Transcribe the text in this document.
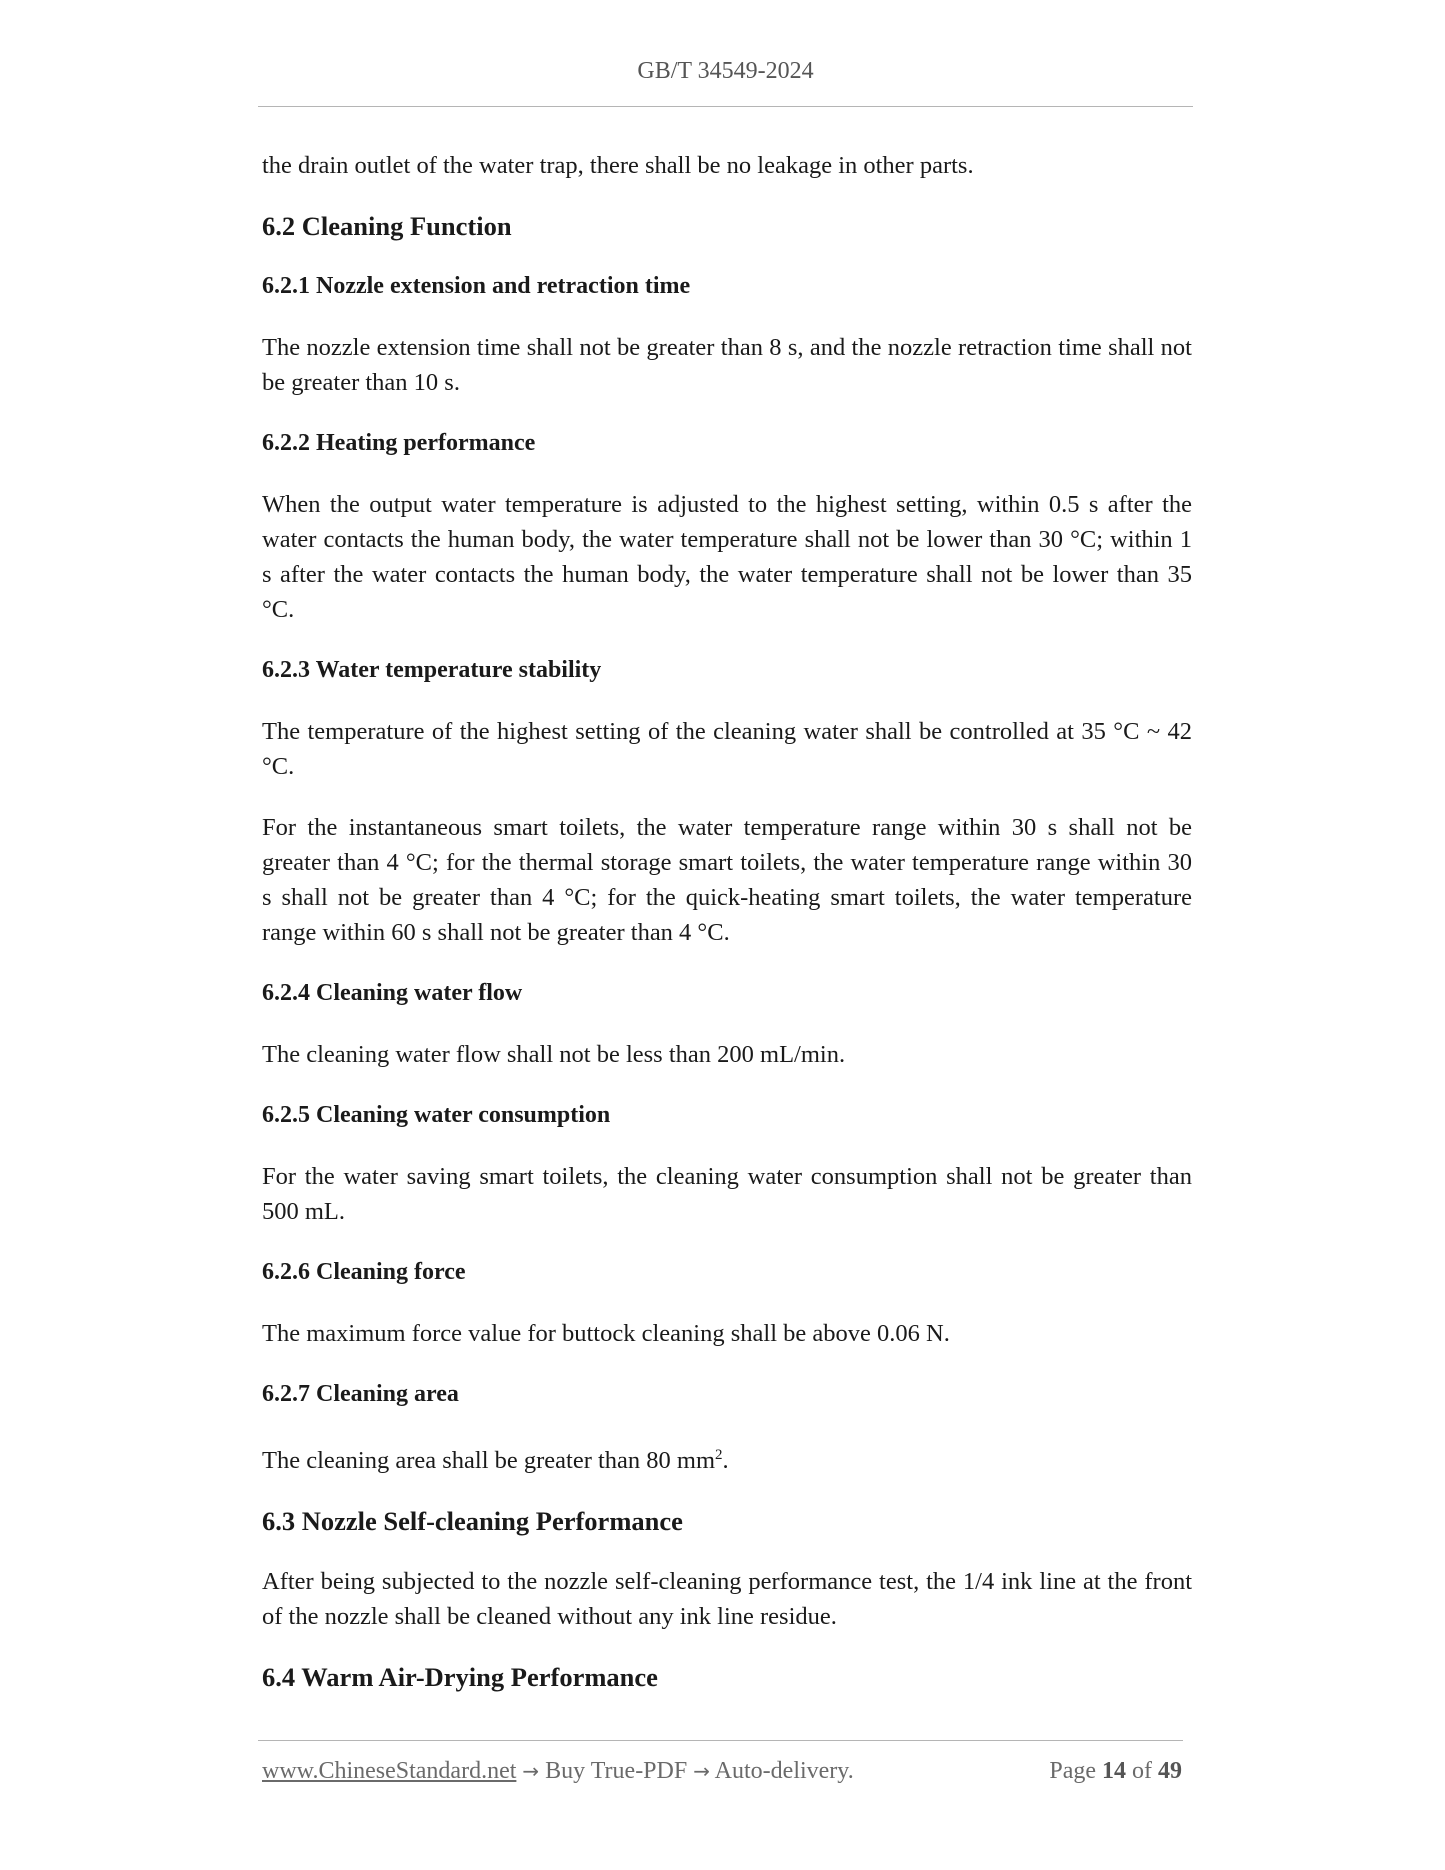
GB/T 34549-2024

the drain outlet of the water trap, there shall be no leakage in other parts.

6.2 Cleaning Function
6.2.1 Nozzle extension and retraction time

The nozzle extension time shall not be greater than 8 s, and the nozzle retraction time shall not be greater than 10 s.

6.2.2 Heating performance

When the output water temperature is adjusted to the highest setting, within 0.5 s after the water contacts the human body, the water temperature shall not be lower than 30 °C; within 1 s after the water contacts the human body, the water temperature shall not be lower than 35 °C.

6.2.3 Water temperature stability

The temperature of the highest setting of the cleaning water shall be controlled at 35 °C ~ 42 °C.

For the instantaneous smart toilets, the water temperature range within 30 s shall not be greater than 4 °C; for the thermal storage smart toilets, the water temperature range within 30 s shall not be greater than 4 °C; for the quick-heating smart toilets, the water temperature range within 60 s shall not be greater than 4 °C.

6.2.4 Cleaning water flow

The cleaning water flow shall not be less than 200 mL/min.

6.2.5 Cleaning water consumption

For the water saving smart toilets, the cleaning water consumption shall not be greater than 500 mL.

6.2.6 Cleaning force

The maximum force value for buttock cleaning shall be above 0.06 N.

6.2.7 Cleaning area

The cleaning area shall be greater than 80 $mm^2$.

6.3 Nozzle Self-cleaning Performance

After being subjected to the nozzle self-cleaning performance test, the 1/4 ink line at the front of the nozzle shall be cleaned without any ink line residue.

6.4 Warm Air-Drying Performance
www.ChineseStandard.net → Buy True-PDF → Auto-delivery.	Page 14 of 49
